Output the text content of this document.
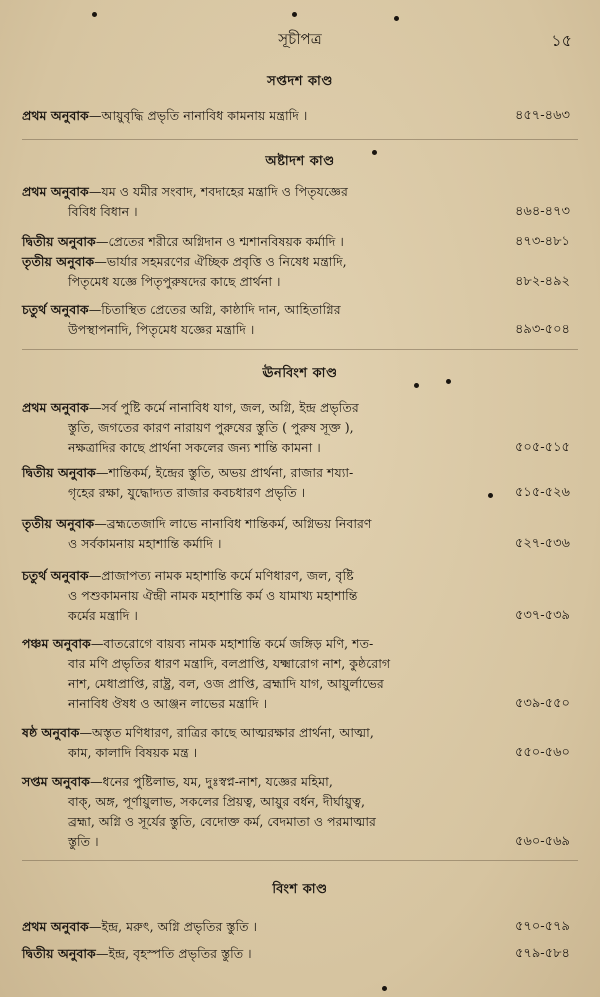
সূচীপত্র	১৫
সপ্তদশ কাণ্ড
প্রথম অনুবাক—আয়ুবৃদ্ধি প্রভৃতি নানাবিধ কামনায় মন্ত্রাদি ।	৪৫৭-৪৬৩
অষ্টাদশ কাণ্ড
প্রথম অনুবাক—যম ও যমীর সংবাদ, শবদাহের মন্ত্রাদি ও পিতৃযজ্ঞের
বিবিধ বিধান ।	৪৬৪-৪৭৩
দ্বিতীয় অনুবাক—প্রেতের শরীরে অগ্নিদান ও শ্মশানবিষয়ক কর্মাদি ।	৪৭৩-৪৮১
তৃতীয় অনুবাক—ভার্যার সহমরণের ঐচ্ছিক প্রবৃত্তি ও নিষেধ মন্ত্রাদি,
পিতৃমেধ যজ্ঞে পিতৃপুরুষদের কাছে প্রার্থনা ।	৪৮২-৪৯২
চতুর্থ অনুবাক—চিতাস্থিত প্রেতের অগ্নি, কাষ্ঠাদি দান, আহিতাগ্নির
উপস্থাপনাদি, পিতৃমেধ যজ্ঞের মন্ত্রাদি ।	৪৯৩-৫০৪
ঊনবিংশ কাণ্ড
প্রথম অনুবাক—সর্ব পুষ্টি কর্মে নানাবিধ যাগ, জল, অগ্নি, ইন্দ্র প্রভৃতির
স্তুতি, জগতের কারণ নারায়ণ পুরুষের স্তুতি ( পুরুষ সূক্ত ),
নক্ষত্রাদির কাছে প্রার্থনা সকলের জন্য শান্তি কামনা ।	৫০৫-৫১৫
দ্বিতীয় অনুবাক—শান্তিকর্ম, ইন্দ্রের স্তুতি, অভয় প্রার্থনা, রাজার শয্যা-
গৃহের রক্ষা, যুদ্ধোদ্যত রাজার কবচধারণ প্রভৃতি ।	৫১৫-৫২৬
তৃতীয় অনুবাক—ব্রহ্মতেজাদি লাভে নানাবিধ শান্তিকর্ম, অগ্নিভয় নিবারণ
ও সর্বকামনায় মহাশান্তি কর্মাদি ।	৫২৭-৫৩৬
চতুর্থ অনুবাক—প্রাজাপত্য নামক মহাশান্তি কর্মে মণিধারণ, জল, বৃষ্টি
ও পশুকামনায় ঐন্দ্রী নামক মহাশান্তি কর্ম ও যামাখ্য মহাশান্তি
কর্মের মন্ত্রাদি ।	৫৩৭-৫৩৯
পঞ্চম অনুবাক—বাতরোগে বায়ব্য নামক মহাশান্তি কর্মে জঙ্গিড় মণি, শত-
বার মণি প্রভৃতির ধারণ মন্ত্রাদি, বলপ্রাপ্তি, যক্ষ্মারোগ নাশ, কুষ্ঠরোগ
নাশ, মেধাপ্রাপ্তি, রাষ্ট্র, বল, ওজ প্রাপ্তি, ব্রহ্মাদি যাগ, আয়ুর্লাভের
নানাবিধ ঔষধ ও আঞ্জন লাভের মন্ত্রাদি ।	৫৩৯-৫৫০
ষষ্ঠ অনুবাক—অস্তৃত মণিধারণ, রাত্রির কাছে আত্মরক্ষার প্রার্থনা, আত্মা,
কাম, কালাদি বিষয়ক মন্ত্র ।	৫৫০-৫৬০
সপ্তম অনুবাক—ধনের পুষ্টিলাভ, যম, দুঃস্বপ্ন-নাশ, যজ্ঞের মহিমা,
বাক্, অঙ্গ, পূর্ণায়ুলাভ, সকলের প্রিয়ত্ব, আয়ুর বর্ধন, দীর্ঘায়ুত্ব,
ব্রহ্মা, অগ্নি ও সূর্যের স্তুতি, বেদোক্ত কর্ম, বেদমাতা ও পরমাত্মার
স্তুতি ।	৫৬০-৫৬৯
বিংশ কাণ্ড
প্রথম অনুবাক—ইন্দ্র, মরুৎ, অগ্নি প্রভৃতির স্তুতি ।	৫৭০-৫৭৯
দ্বিতীয় অনুবাক—ইন্দ্র, বৃহস্পতি প্রভৃতির স্তুতি ।	৫৭৯-৫৮৪
